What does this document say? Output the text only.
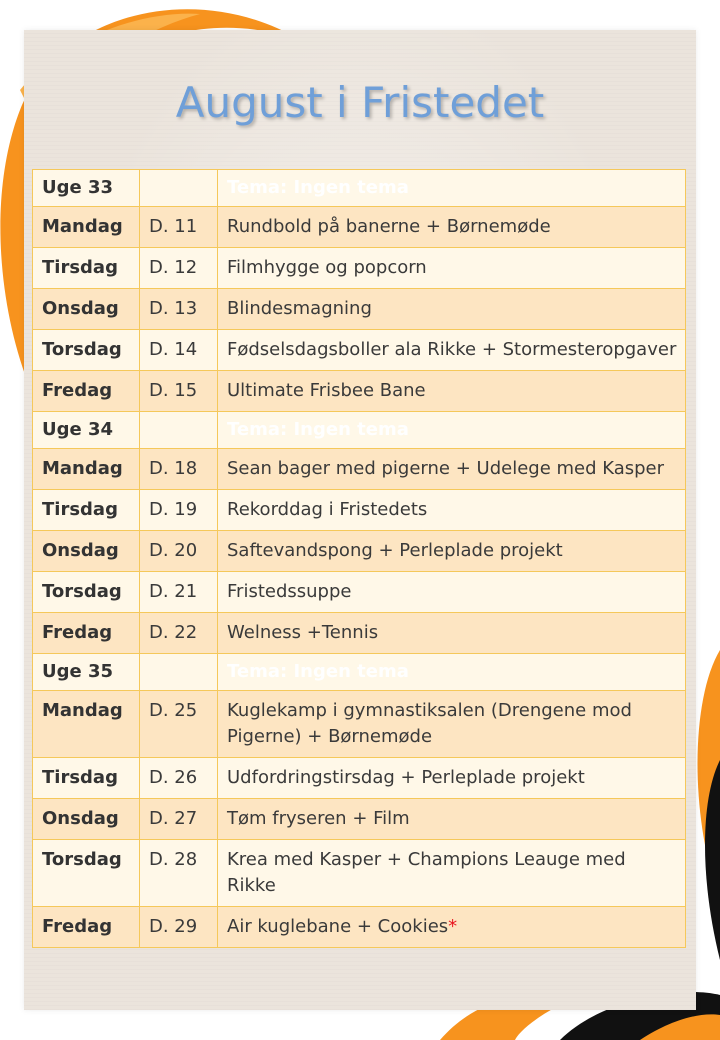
August i Fristedet
Uge 33		Tema: Ingen tema
Mandag	D. 11	Rundbold på banerne + Børnemøde
Tirsdag	D. 12	Filmhygge og popcorn
Onsdag	D. 13	Blindesmagning
Torsdag	D. 14	Fødselsdagsboller ala Rikke + Stormesteropgaver
Fredag	D. 15	Ultimate Frisbee Bane
Uge 34		Tema: Ingen tema
Mandag	D. 18	Sean bager med pigerne + Udelege med Kasper
Tirsdag	D. 19	Rekorddag i Fristedets
Onsdag	D. 20	Saftevandspong + Perleplade projekt
Torsdag	D. 21	Fristedssuppe
Fredag	D. 22	Welness +Tennis
Uge 35		Tema: Ingen tema
Mandag	D. 25	Kuglekamp i gymnastiksalen (Drengene mod Pigerne) + Børnemøde
Tirsdag	D. 26	Udfordringstirsdag + Perleplade projekt
Onsdag	D. 27	Tøm fryseren + Film
Torsdag	D. 28	Krea med Kasper + Champions Leauge med Rikke
Fredag	D. 29	Air kuglebane + Cookies*
